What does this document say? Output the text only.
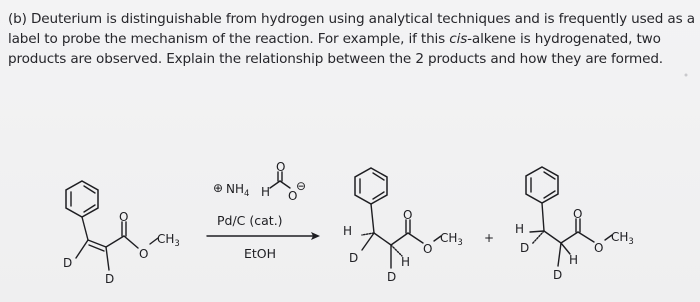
(b) Deuterium is distinguishable from hydrogen using analytical techniques and is frequently used as a
label to probe the mechanism of the reaction. For example, if this cis-alkene is hydrogenated, two
products are observed. Explain the relationship between the 2 products and how they are formed.

D
D
O
O
$CH_3$
⊕ $NH_4$ H
O
O
⊖
Pd/C (cat.)
EtOH
H
D
D
H
O
O
$CH_3$ +
H
D
D
H
O
O
$CH_3$
